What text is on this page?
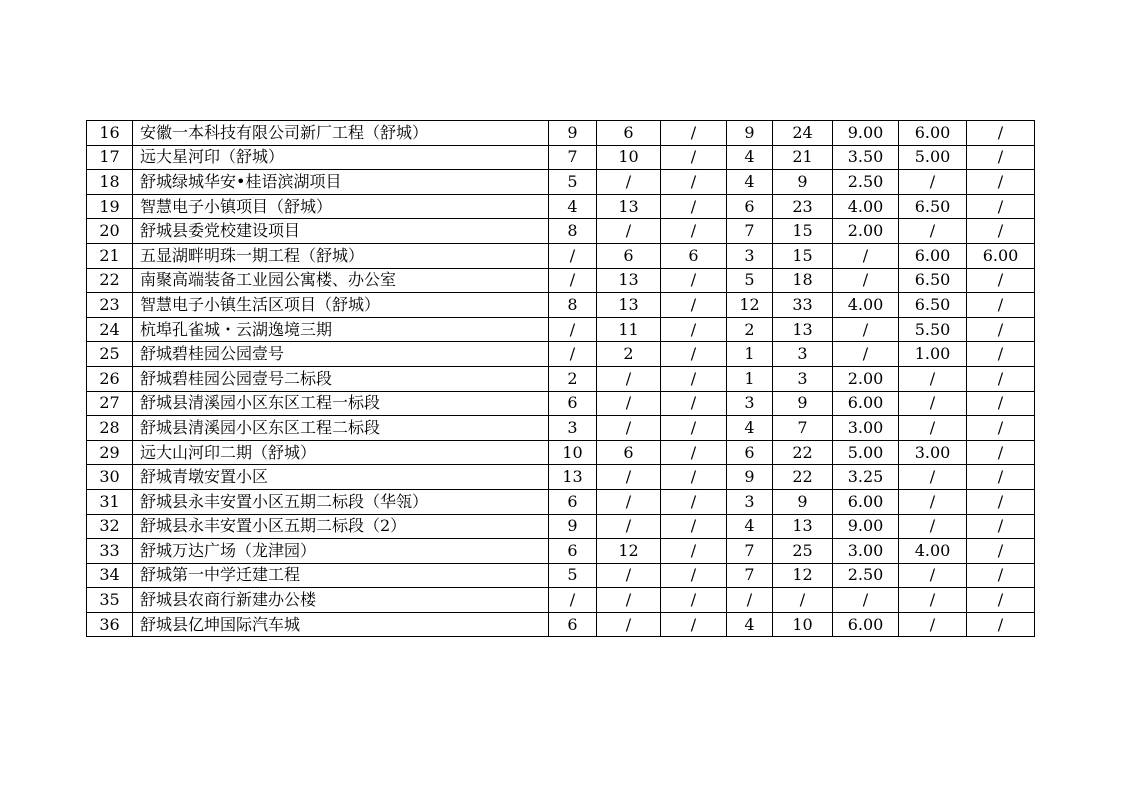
16	安徽一本科技有限公司新厂工程（舒城）	9	6	/	9	24	9.00	6.00	/
17	远大星河印（舒城）	7	10	/	4	21	3.50	5.00	/
18	舒城绿城华安•桂语滨湖项目	5	/	/	4	9	2.50	/	/
19	智慧电子小镇项目（舒城）	4	13	/	6	23	4.00	6.50	/
20	舒城县委党校建设项目	8	/	/	7	15	2.00	/	/
21	五显湖畔明珠一期工程（舒城）	/	6	6	3	15	/	6.00	6.00
22	南聚高端装备工业园公寓楼、办公室	/	13	/	5	18	/	6.50	/
23	智慧电子小镇生活区项目（舒城）	8	13	/	12	33	4.00	6.50	/
24	杭埠孔雀城・云湖逸境三期	/	11	/	2	13	/	5.50	/
25	舒城碧桂园公园壹号	/	2	/	1	3	/	1.00	/
26	舒城碧桂园公园壹号二标段	2	/	/	1	3	2.00	/	/
27	舒城县清溪园小区东区工程一标段	6	/	/	3	9	6.00	/	/
28	舒城县清溪园小区东区工程二标段	3	/	/	4	7	3.00	/	/
29	远大山河印二期（舒城）	10	6	/	6	22	5.00	3.00	/
30	舒城青墩安置小区	13	/	/	9	22	3.25	/	/
31	舒城县永丰安置小区五期二标段（华瓴）	6	/	/	3	9	6.00	/	/
32	舒城县永丰安置小区五期二标段（2）	9	/	/	4	13	9.00	/	/
33	舒城万达广场（龙津园）	6	12	/	7	25	3.00	4.00	/
34	舒城第一中学迁建工程	5	/	/	7	12	2.50	/	/
35	舒城县农商行新建办公楼	/	/	/	/	/	/	/	/
36	舒城县亿坤国际汽车城	6	/	/	4	10	6.00	/	/
